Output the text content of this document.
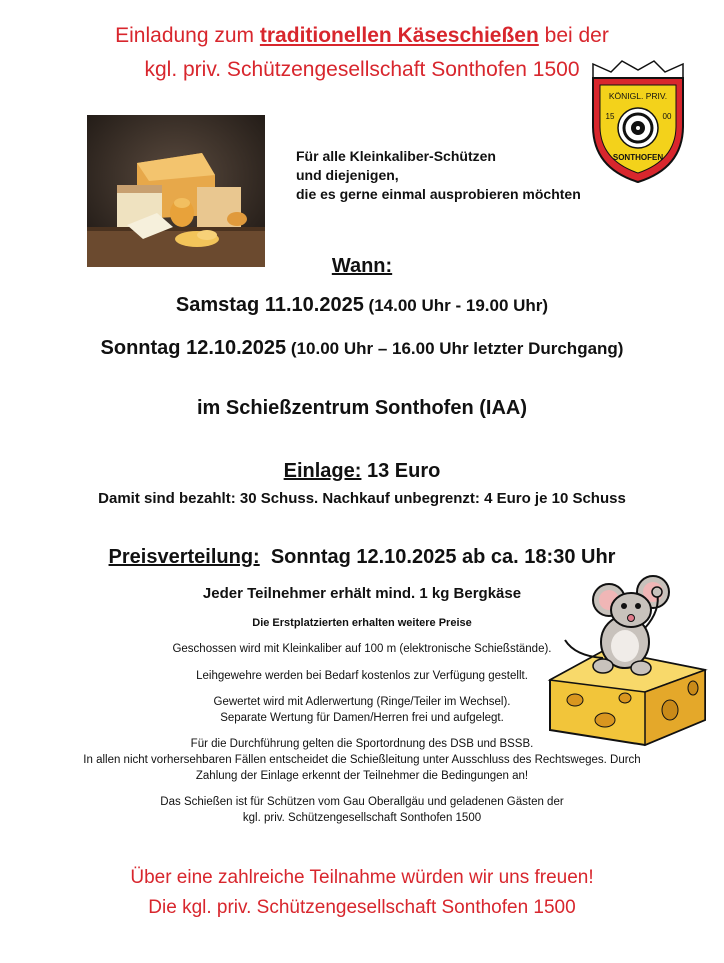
Einladung zum traditionellen Käseschießen bei der
kgl. priv. Schützengesellschaft Sonthofen 1500
KÖNIGL. PRIV.
15	00
SONTHOFEN
Für alle Kleinkaliber-Schützen
und diejenigen,
die es gerne einmal ausprobieren möchten
Wann:
Samstag 11.10.2025 (14.00 Uhr - 19.00 Uhr)
Sonntag 12.10.2025 (10.00 Uhr – 16.00 Uhr letzter Durchgang)
im Schießzentrum Sonthofen (IAA)
Einlage: 13 Euro
Damit sind bezahlt: 30 Schuss. Nachkauf unbegrenzt: 4 Euro je 10 Schuss
Preisverteilung:  Sonntag 12.10.2025 ab ca. 18:30 Uhr
Jeder Teilnehmer erhält mind. 1 kg Bergkäse
Die Erstplatzierten erhalten weitere Preise
Geschossen wird mit Kleinkaliber auf 100 m (elektronische Schießstände).
Leihgewehre werden bei Bedarf kostenlos zur Verfügung gestellt.
Gewertet wird mit Adlerwertung (Ringe/Teiler im Wechsel).
Separate Wertung für Damen/Herren frei und aufgelegt.
Für die Durchführung gelten die Sportordnung des DSB und BSSB.
In allen nicht vorhersehbaren Fällen entscheidet die Schießleitung unter Ausschluss des Rechtsweges. Durch
Zahlung der Einlage erkennt der Teilnehmer die Bedingungen an!
Das Schießen ist für Schützen vom Gau Oberallgäu und geladenen Gästen der
kgl. priv. Schützengesellschaft Sonthofen 1500
Über eine zahlreiche Teilnahme würden wir uns freuen!
Die kgl. priv. Schützengesellschaft Sonthofen 1500
